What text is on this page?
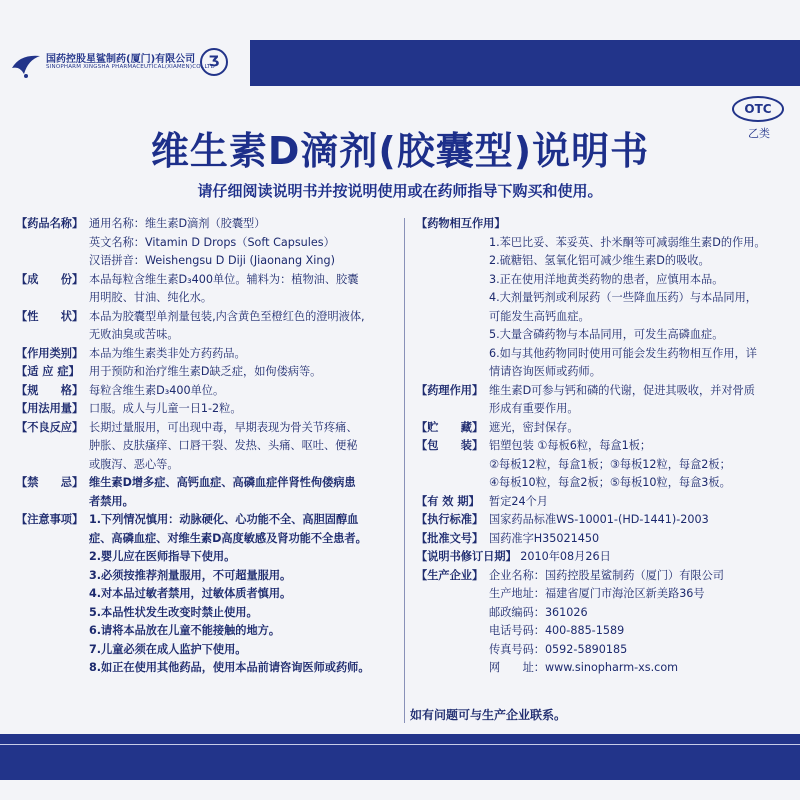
国药控股星鲨制药(厦门)有限公司
SINOPHARM XINGSHA PHARMACEUTICAL(XIAMEN)CO.,LTD
Ʒ
OTC
乙类
维生素D滴剂(胶囊型)说明书
请仔细阅读说明书并按说明使用或在药师指导下购买和使用。
【药品名称】 通用名称：维生素D滴剂（胶囊型）
英文名称：Vitamin D Drops（Soft Capsules）
汉语拼音：Weishengsu D Diji (Jiaonang Xing)
【成　　份】 本品每粒含维生素D₃400单位。辅料为：植物油、胶囊
用明胶、甘油、纯化水。
【性　　状】 本品为胶囊型单剂量包装,内含黄色至橙红色的澄明液体,
无败油臭或苦味。
【作用类别】 本品为维生素类非处方药药品。
【适 应 症】 用于预防和治疗维生素D缺乏症，如佝偻病等。
【规　　格】 每粒含维生素D₃400单位。
【用法用量】 口服。成人与儿童一日1-2粒。
【不良反应】 长期过量服用，可出现中毒，早期表现为骨关节疼痛、
肿胀、皮肤瘙痒、口唇干裂、发热、头痛、呕吐、便秘
或腹泻、恶心等。
【禁　　忌】 维生素D增多症、高钙血症、高磷血症伴肾性佝偻病患
者禁用。
【注意事项】 1.下列情况慎用：动脉硬化、心功能不全、高胆固醇血
症、高磷血症、对维生素D高度敏感及肾功能不全患者。
2.婴儿应在医师指导下使用。
3.必须按推荐剂量服用，不可超量服用。
4.对本品过敏者禁用，过敏体质者慎用。
5.本品性状发生改变时禁止使用。
6.请将本品放在儿童不能接触的地方。
7.儿童必须在成人监护下使用。
8.如正在使用其他药品，使用本品前请咨询医师或药师。
【药物相互作用】
1.苯巴比妥、苯妥英、扑米酮等可减弱维生素D的作用。
2.硫糖铝、氢氧化铝可减少维生素D的吸收。
3.正在使用洋地黄类药物的患者，应慎用本品。
4.大剂量钙剂或利尿药（一些降血压药）与本品同用，
可能发生高钙血症。
5.大量含磷药物与本品同用，可发生高磷血症。
6.如与其他药物同时使用可能会发生药物相互作用，详
情请咨询医师或药师。
【药理作用】 维生素D可参与钙和磷的代谢，促进其吸收，并对骨质
形成有重要作用。
【贮　　藏】 遮光，密封保存。
【包　　装】 铝塑包装 ①每板6粒，每盒1板；
②每板12粒，每盒1板；③每板12粒，每盒2板；
④每板10粒，每盒2板；⑤每板10粒，每盒3板。
【有 效 期】 暂定24个月
【执行标准】 国家药品标准WS-10001-(HD-1441)-2003
【批准文号】 国药准字H35021450
【说明书修订日期】 2010年08月26日
【生产企业】 企业名称：国药控股星鲨制药（厦门）有限公司
生产地址：福建省厦门市海沧区新美路36号
邮政编码：361026
电话号码：400-885-1589
传真号码：0592-5890185
网　　址：www.sinopharm-xs.com
如有问题可与生产企业联系。
